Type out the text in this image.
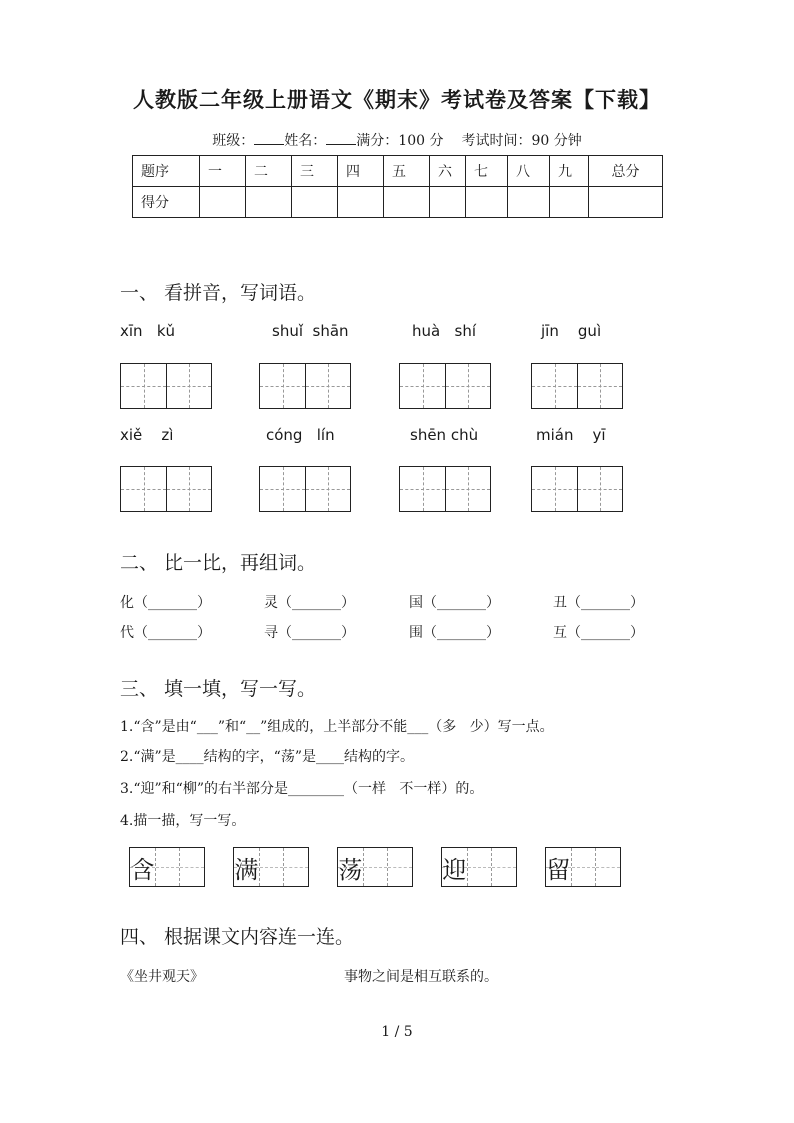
人教版二年级上册语文《期末》考试卷及答案【下载】
班级： 姓名： 满分：100 分 考试时间：90 分钟
题序	一	二	三	四	五	六	七	八	九	总分
得分										
一、 看拼音，写词语。
xīn   kǔ	shuǐ  shān	huà   shí	jīn    guì
xiě    zì	cóng   lín	shēn chù	mián    yī
二、 比一比，再组词。
化（_______）	灵（_______）	国（_______）	丑（_______）
代（_______）	寻（_______）	围（_______）	互（_______）
三、 填一填，写一写。
1.“含”是由“___”和“__”组成的，上半部分不能___（多   少）写一点。
2.“满”是____结构的字，“荡”是____结构的字。
3.“迎”和“柳”的右半部分是________（一样   不一样）的。
4.描一描，写一写。
含	满	荡	迎	留
四、 根据课文内容连一连。
《坐井观天》	事物之间是相互联系的。
1 / 5
